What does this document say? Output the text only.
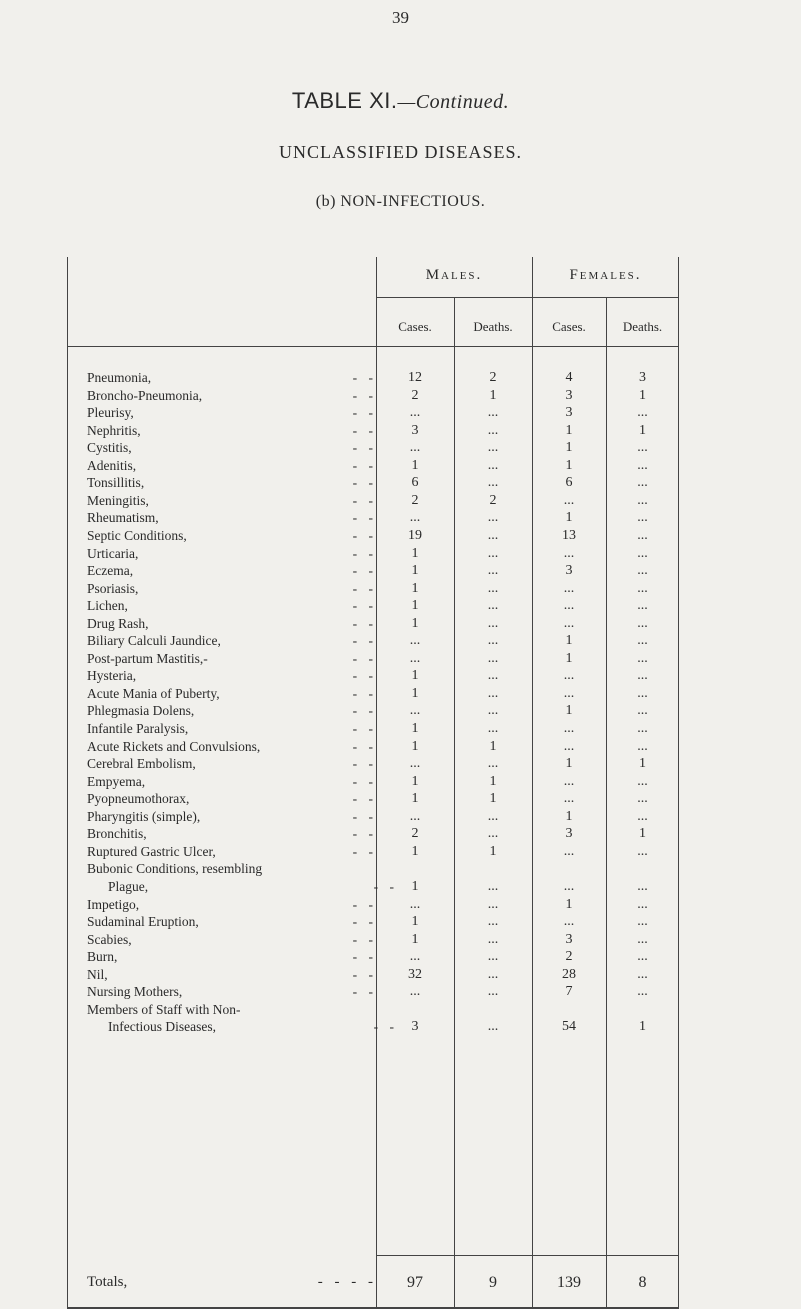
39
TABLE XI.—Continued.
UNCLASSIFIED DISEASES.
(b) NON-INFECTIOUS.
Males.	Females.
Cases.	Deaths.	Cases.	Deaths.
Pneumonia,	- -	12	2	4	3
Broncho-Pneumonia,	- -	2	1	3	1
Pleurisy,	- -	...	...	3	...
Nephritis,	- -	3	...	1	1
Cystitis,	- -	...	...	1	...
Adenitis,	- -	1	...	1	...
Tonsillitis,	- -	6	...	6	...
Meningitis,	- -	2	2	...	...
Rheumatism,	- -	...	...	1	...
Septic Conditions,	- -	19	...	13	...
Urticaria,	- -	1	...	...	...
Eczema,	- -	1	...	3	...
Psoriasis,	- -	1	...	...	...
Lichen,	- -	1	...	...	...
Drug Rash,	- -	1	...	...	...
Biliary Calculi Jaundice,	- -	...	...	1	...
Post-partum Mastitis,-	- -	...	...	1	...
Hysteria,	- -	1	...	...	...
Acute Mania of Puberty,	- -	1	...	...	...
Phlegmasia Dolens,	- -	...	...	1	...
Infantile Paralysis,	- -	1	...	...	...
Acute Rickets and Convulsions,	- -	1	1	...	...
Cerebral Embolism,	- -	...	...	1	1
Empyema,	- -	1	1	...	...
Pyopneumothorax,	- -	1	1	...	...
Pharyngitis (simple),	- -	...	...	1	...
Bronchitis,	- -	2	...	3	1
Ruptured Gastric Ulcer,	- -	1	1	...	...
Bubonic Conditions, resembling
Plague,	- - 1	...	...	...
Impetigo,	- -	...	...	1	...
Sudaminal Eruption,	- -	1	...	...	...
Scabies,	- -	1	...	3	...
Burn,	- -	...	...	2	...
Nil,	- -	32	...	28	...
Nursing Mothers,	- -	...	...	7	...
Members of Staff with Non-
Infectious Diseases,	- - 3	...	54	1
Totals,	- - - -	97	9	139	8
